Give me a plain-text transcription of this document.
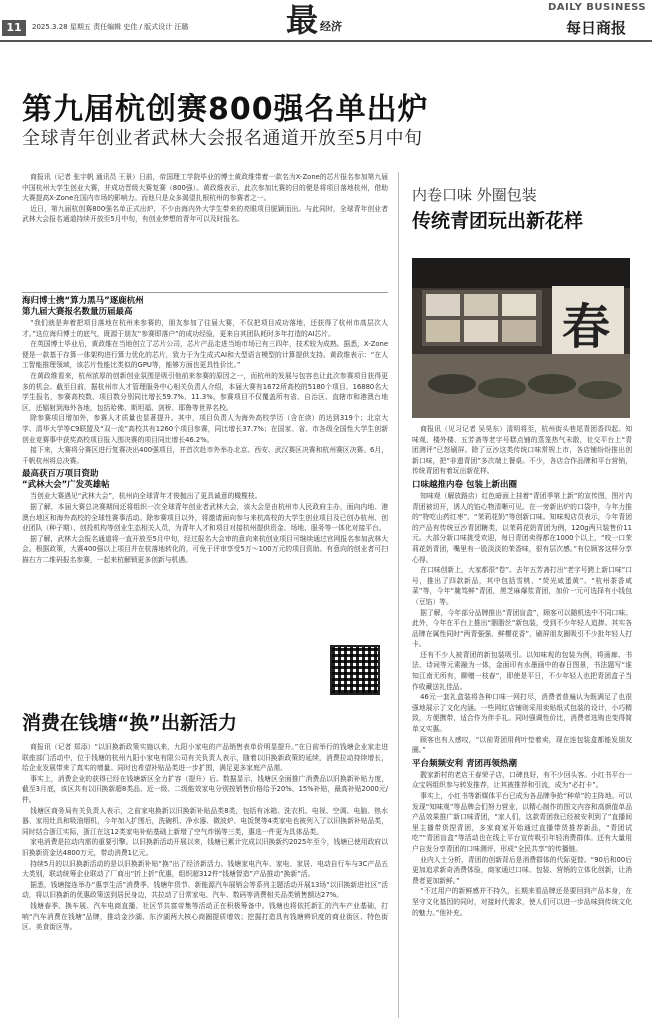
11	2025.3.28 星期五 责任编辑 史佳 / 版式设计 汪璐	最 经济
DAILY BUSINESS
每日商报
第九届杭创赛800强名单出炉
全球青年创业者武林大会报名通道开放至5月中旬

商报讯（记者 张宇帆 通讯员 王景）日前，帝国理工学院毕业的博士黄政维带着一款名为X-Zone的芯片报名参加第九届中国杭州大学生创业大赛，并成功晋级大赛复赛（800强）。黄政维表示，此次参加比赛的目的便是将项目落地杭州，借助大赛提高X-Zone在国内市场的影响力。而他只是众多渴望扎根杭州的参赛者之一。

近日，第九届杭创赛800强名单正式出炉，不少由海内外大学生带来的亮眼项目脱颖而出。与此同时，全球青年创业者武林大会报名通道持续开放至5月中旬，有创业梦想的青年可以及时报名。

海归博士携“算力黑马”逐鹿杭州
第九届大赛报名数量历届最高

“我们就是奔着把项目落地在杭州来参赛的，朋友参加了往届大赛，不仅把项目成功落地，还获得了杭州市高层次人才。”这位海归博士的底气，既源于朋友“参赛即落户”的成功经验，更来自其团队耗时多年打造的AI芯片。

在英国博士毕业后，黄政维在当地创立了芯片公司，芯片产品走进当地市场已有三四年，技术较为成熟。据悉，X-Zone便是一款基于存算一体架构进行算力优化的芯片，致力于为生成式AI和大型语言模型的计算提供支持。黄政维表示：“在人工智能推理领域，该芯片性能比类似的GPU等，能够方面也更具性价比。”

在黄政维看来，杭州浓厚的创新创业氛围是吸引他前来参赛的原因之一，而杭州的发展与包容也让此次参赛项目获得更多的机会。截至目前，据杭州市人才管理服务中心相关负责人介绍，本届大赛有1672所高校的5180个项目、16880名大学生报名，参赛高校数、项目数分别同比增长59.7%、11.3%。参赛项目不仅覆盖所有省、自治区、直辖市和港澳台地区，还辐射到海外各地，包括哈佛、斯坦福、剑桥、耶鲁等世界名校。

除参赛项目增加外，参赛人才质量也显著提升。其中，项目负责人为海外高校学历（含在读）的达到319个；北京大学、清华大学等C9联盟及“双一流”高校共有1260个项目参赛，同比增长37.7%；在国家、省、市各级全国性大学生创新创业竞赛事中获奖高校项目报入围决赛的项目同比增长46.2%。

接下来，大赛将分赛区进行复赛决出400强项目，并首次赴市外举办北京、西安、武汉赛区决赛和杭州赛区决赛。6月，千帆杭州将总决赛。

最高获百万项目资助
“武林大会”广发英雄帖

当创业大赛遇见“武林大会”，杭州向全球青年才俊抛出了更具诚意的橄榄枝。

据了解，本届大赛总决赛期间还将组织一次全球青年创业者武林大会，该大会是由杭州市人民政府主办，面向内地、港澳台地区和海外高校的全球性赛事活动。除参赛项目以外，将邀请面向参与来杭高校的大学生创业项目及已创办杭州、创业团队（种子期）、创投机构等创业生态相关人员，为青年人才和项目对接杭州提供资金、场地、服务等一体化对接平台。

据了解，武林大会报名通道将一直开放至5月中旬，经过报名大会审的意向来杭创业项目可继续通过官网报名参加武林大会。根据政策，大赛400强以上项目并在杭落地转化的，可免于评审享受5万～100万元的项目资助。有意向的创业者可扫描右方二维码报名参赛，一起来杭解锁更多创新与机遇。

消费在钱塘“换”出新活力

商报讯（记者 郑添）“以旧换新政策实施以来，九阳小家电的产品销售表单价明显提升。”在日前举行的钱塘企业家走进联座部门活动中，位于钱塘的杭州九阳小家电有限公司有关负责人表示，随着以旧换新政策的延续，消费拉动持续增长，给企业发展带来了真实的增量。同时也希望补贴品类进一步扩围，满足更多家庭产品需。

事实上，消费企业的获得已经在钱塘新区全力扩容（提升）后。数据显示，钱塘区全面推广消费品以旧换新补贴力度，截至3月底，该区共有以旧换新超8类品、近一级、二级能效家电分别按销售价格给予20%、15%补贴，最高补贴2000元/件。

钱塘区商务局有关负责人表示，之前家电换新以旧换新补贴品类8类，包括有冰箱、洗衣机、电视、空调、电脑、热水器、家用灶具和吸油烟机，今年加入扩围后，洗碗机、净水器、微波炉、电饭煲等4类家电也被列入了以旧换新补贴品类，同时结合浙江实际，浙江在这12类家电补贴基础上新增了空气炸锅等三类，惠选一件更为具体品类。

家电消费是拉动内需的重要引擎。以旧换新活动开展以来，钱塘已累计完成以旧换新约2025年至今，钱塘已使用政府以旧换新资金达4800万元，带动消费1亿元。

持续5月的以旧换新活动的是以旧换新补贴“换”出了经济新活力。钱塘家电汽车、家电、家居、电动自行车与3C产品五大类别，联动统筹企业联动了厂商出“折上折”优惠，组织超312件“钱塘智造”产品推动“换新”活。

据悉，钱塘接连举办“惠享生活”消费季、钱塘年货节、新能源汽车展销会等系列主题活动开展13场“以旧换新进社区”活动，将以旧换新的优惠政策送到居民身边，共拉动了日常家电、汽车、数码等消费相关品类销售额达27%。

钱塘春季、换车展、汽车电商直播、社区节共富帝集等活动正在积极筹备中。钱塘也将依托新汇的汽车产业基础，打响“汽车消费在钱塘”品牌，推动金沙湖、东汐湖两大核心商圈提质增效；挖掘打造具有钱塘辨识度的商业街区、特色街区、美食街区等。

内卷口味 外圈包装
传统青团玩出新花样
春

商报讯（见习记者 吴昊东）清明将至，杭州街头巷尾青团香四起。知味观、楼外楼、五芳斋等老字号糕点铺的蒸笼热气未散，社交平台上“青团测评”已怒刷屏。除了豆沙这类传统口味常规上市，各店铺纷纷推出创新口味，把“非遗青团”多次端上餐桌。不少，各店合作品牌和平台营销，传统青团有着玩出新花样。

口味越推内卷 包装上新出圈

知味观（解放路店）红色暗面上挂着“青团季第上新”的宣传图，图片内青团被切开，诱人的馅心物清晰可见。在一旁新出炉的口袋中，今年力推的“特吃山药红枣”、“茉莉花奶”等创新口味。知味观店员表示，今年青团的产品有传统豆沙青团糖类，以茉莉花奶青团为例，120g两只装售价11元。大部分新口味挑受欢迎，每日青团卖得都在1000个以上，“咬一口茉莉花奶青团，嘴里有一股淡淡的茉香味，很有层次感。”有位顾客这样分享心得。

在口味创新上，大家都很“卷”。去年五芳斋打出“老字号跨上新口味”口号，推出了四款新品，其中包括雪桃、“荧光咸蛋黄”、“杭州茶香咸菜”等，今年“腌笃鲜”青团，黑芝麻爆浆青团，加价一元可选择有小钱包（豆馅）等。

据了解，今年部分品牌推出“青团盲盒”，顾客可以随机选中不同口味。此外，今年在平台上推出“胭脂丝”新包装，受到不少年轻人追捧。其实各品牌在属性同时“两青强强、鲜樱花香”，刷屏朋友圈吸引不少批年轻人打卡。

还有不少人被青团的新包装吸引。以知味观的包装为例，将画廊、书法、诗词等元素融为一体，金面印有水墨画中的春日图景，书法题写“谁知江南无所有，聊赠一枝春”，即使是平日，不少年轻人也把青团盒子当作收藏送礼佳品。

46元一套礼盒装将各种口味一网打尽，消费者普遍认为既满足了也很强地展示了文化内涵。一些网红店铺则采用卖贴纸式包装的设计，小巧精致，方便携带，适合作为伴手礼。同时强调性价比，消费者选购也变得简单又实惠。

顾客也有人感叹，“以前青团用荷叶垫着卖，现在连包装盒都能发朋友圈。”

平台频频安利 青团再领热潮

靓家新村的老店王春荣子店，口碑良好，有不少回头客。小红书平台一众宝妈组织参与转发推荐，让其被推荐和引流，成为“必打卡”。

事实上，小红书等新媒体平台已成为各品牌争抢“种草”的主阵地。可以发现“知味观”等品牌会们努力营业，以精心制作的图文内容和高颜值单品产品效果推广新口味青团，“家人们，这款青团我已经被安利到了”直播间里主播带货捏青团，多家商家开始通过直播带货推荐新品，“青团试吃”“青团盲盒”等活动也在线上平台宣传吸引年轻消费群体。还有大量用户自发分享青团的口味测评，形成“全民共享”的传播链。

业内人士分析，青团的创新背后是消费群体的代际更替。“90后和00后更加追求新奇消费体验，商家通过口味、包装、营销的立体化创新，让消费者更加新鲜。”

“不过用户的新鲜感并不持久，长期来看品牌还是要回到产品本身，在坚守文化基因的同时，对接时代需求，使人们可以进一步品味到传统文化的魅力。”他补充。
